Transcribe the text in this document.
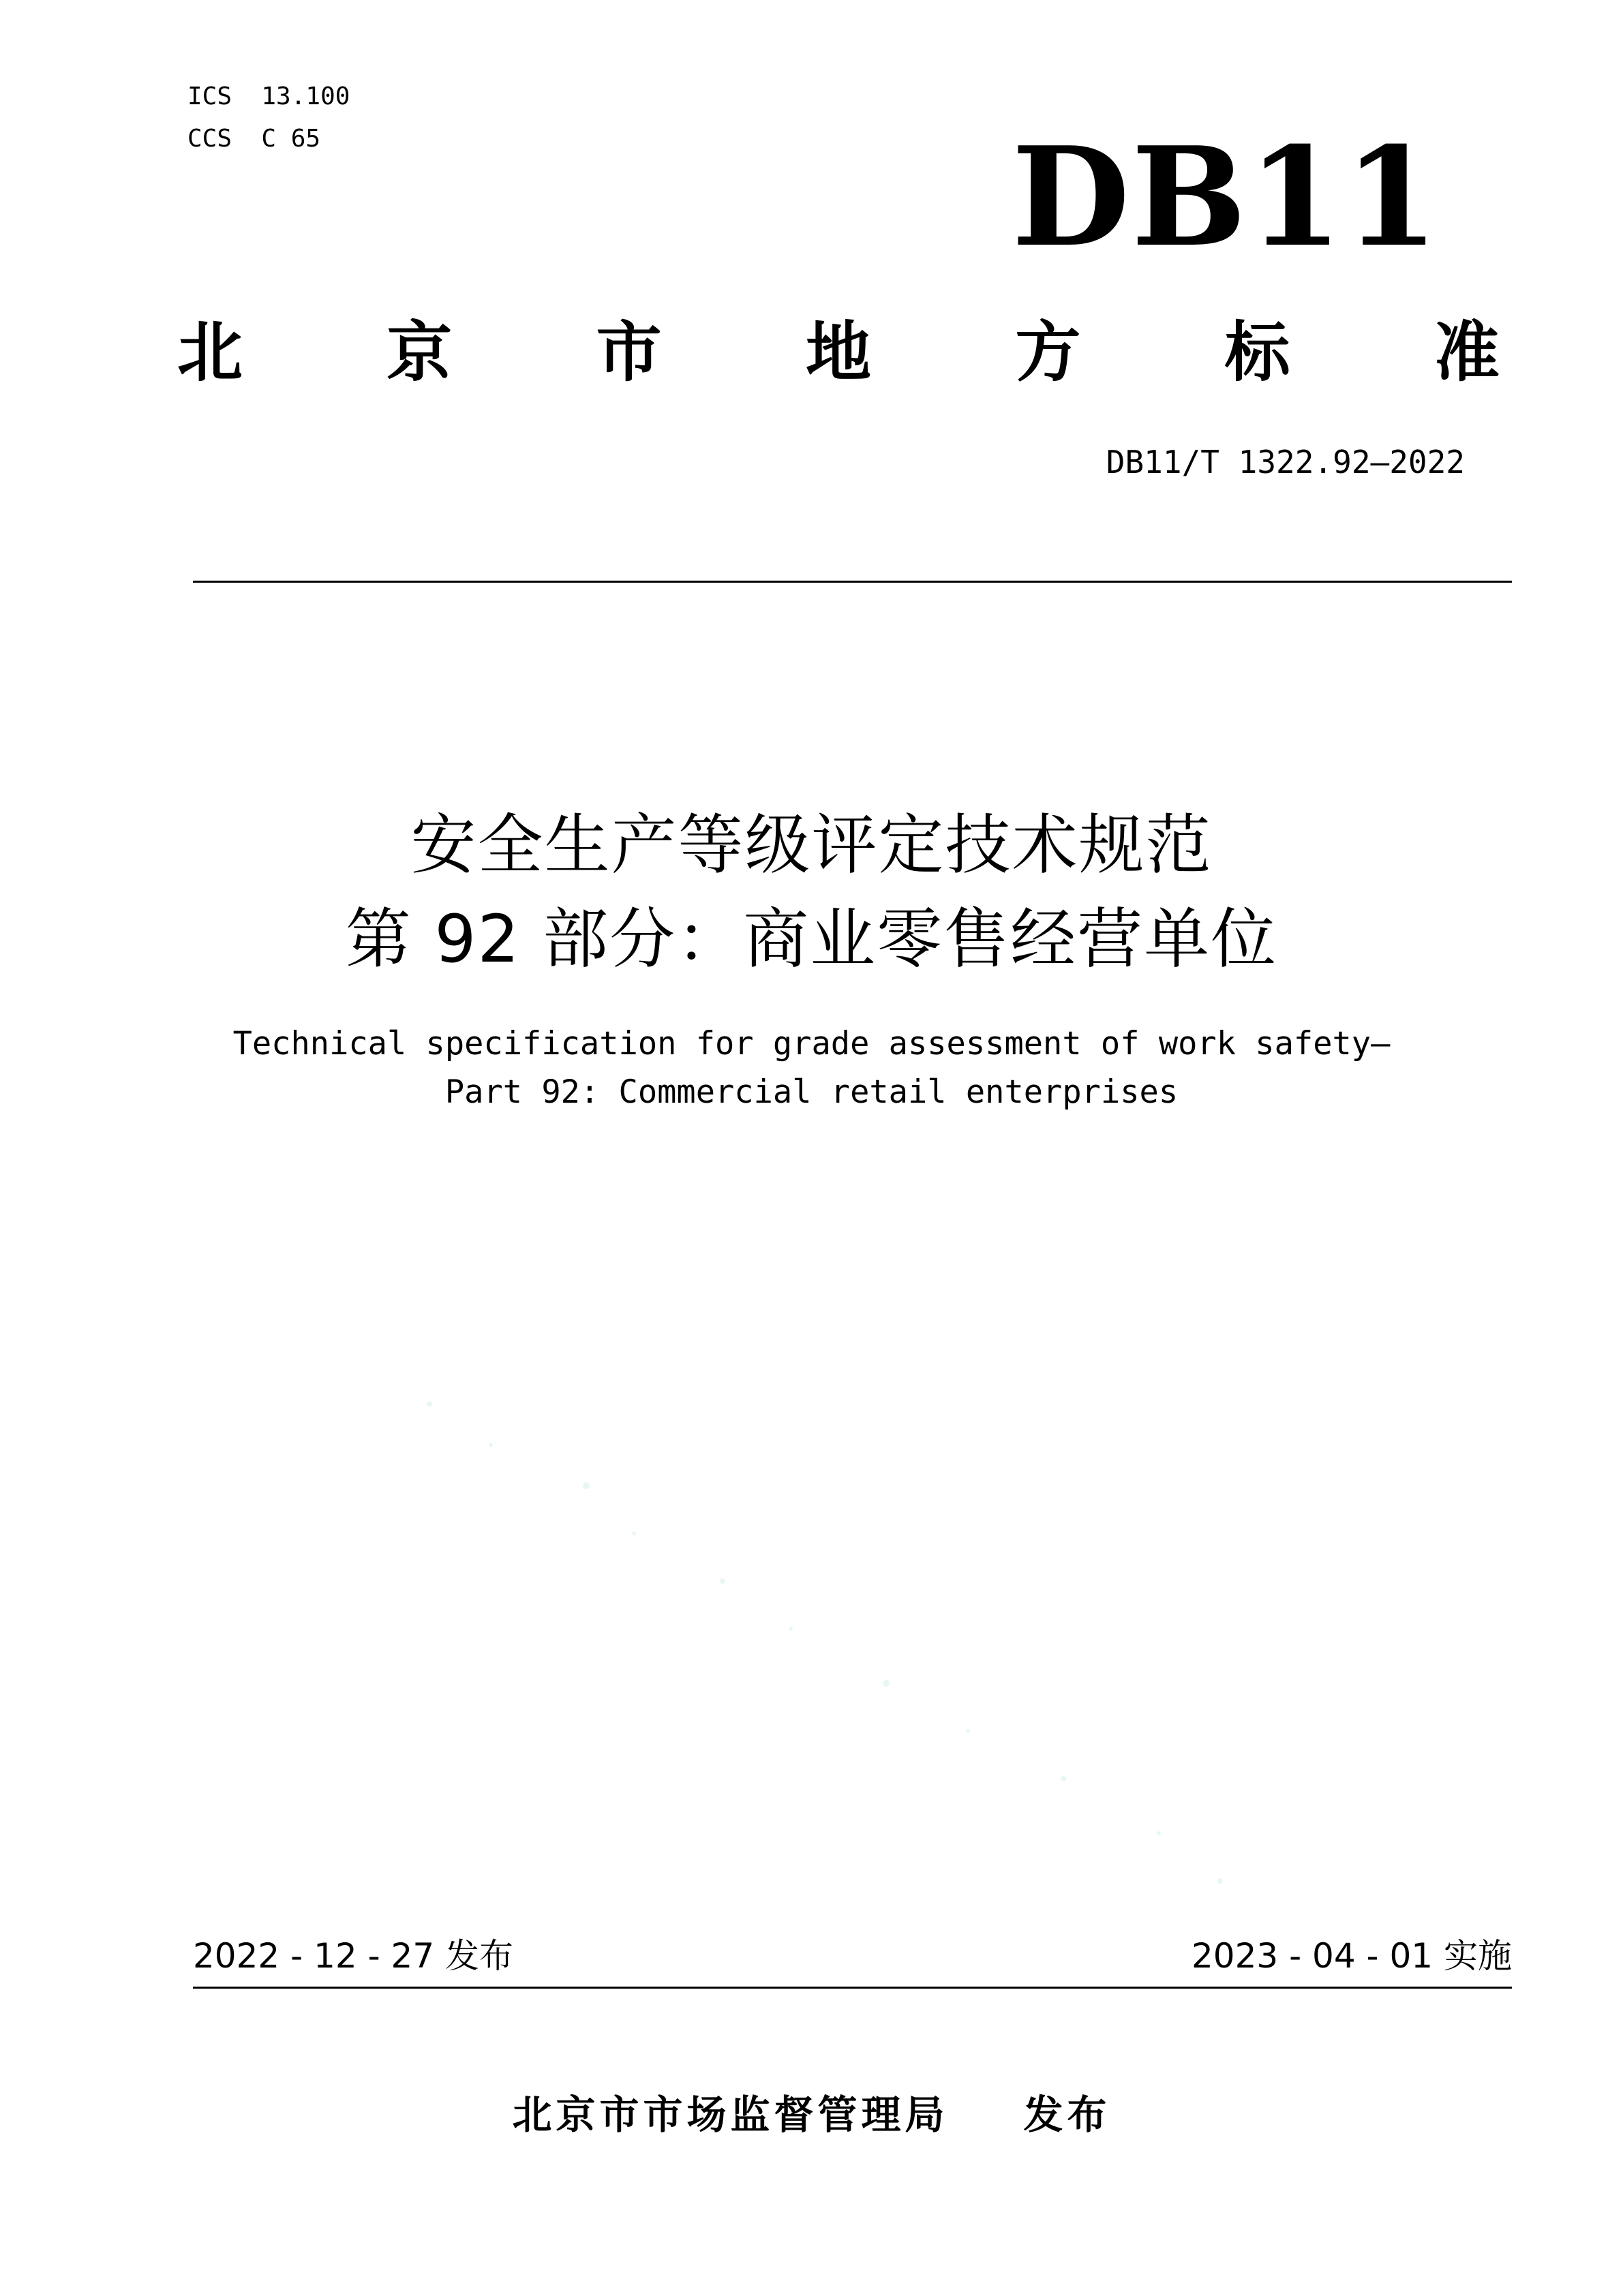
ICS  13.100
CCS  C 65	DB11
北 京 市 地 方 标 准
DB11/T 1322.92—2022
安全生产等级评定技术规范
第 92 部分：商业零售经营单位
Technical specification for grade assessment of work safety—
Part 92: Commercial retail enterprises
2022 - 12 - 27 发布	2023 - 04 - 01 实施
北京市市场监督管理局 发布
